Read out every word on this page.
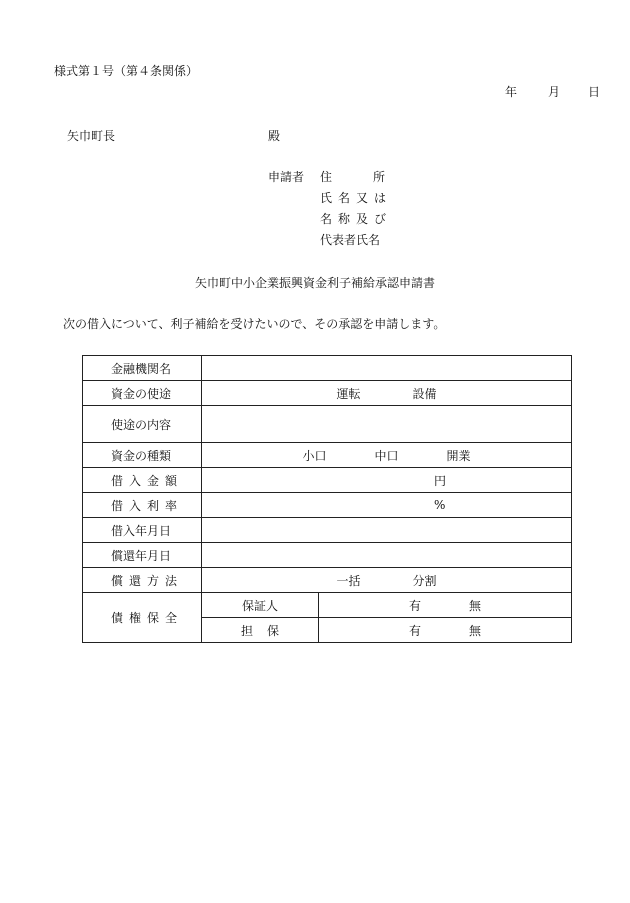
様式第１号（第４条関係）
年	月 日
矢巾町長	殿
申請者 住	所
氏 名 又 は
名 称 及 び
代表者氏名
矢巾町中小企業振興資金利子補給承認申請書
次の借入について、利子補給を受けたいので、その承認を申請します。
金融機関名		
資金の使途	運転 設備	

使途の内容		
資金の種類	小口 中口 開業	

借 入 金 額	円	

借 入 利 率	%	
借入年月日		
償還年月日		

償 還 方 法	一括 分割	

債 権 保 全	保証人	有 無

	担 保	有 無
